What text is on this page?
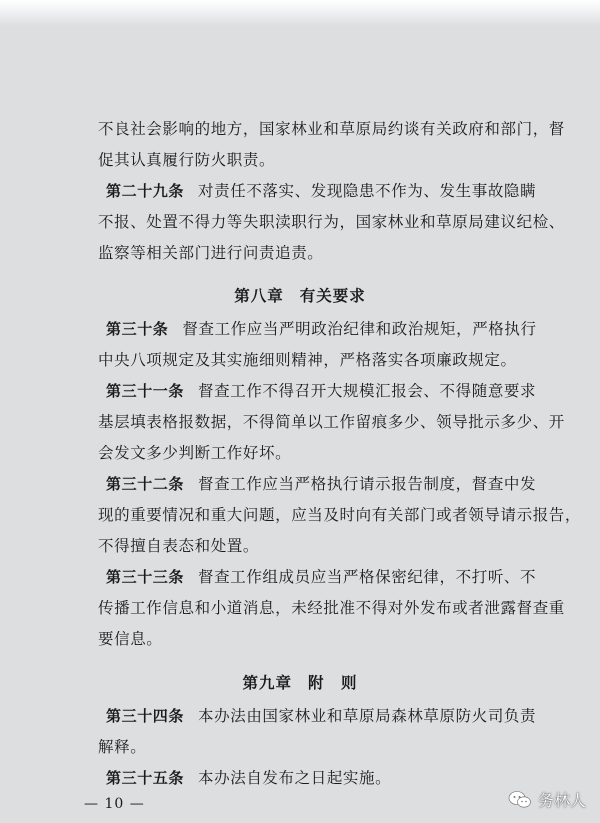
不良社会影响的地方，国家林业和草原局约谈有关政府和部门，督
促其认真履行防火职责。
第二十九条 对责任不落实、发现隐患不作为、发生事故隐瞒
不报、处置不得力等失职渎职行为，国家林业和草原局建议纪检、
监察等相关部门进行问责追责。
第八章 有关要求
第三十条 督查工作应当严明政治纪律和政治规矩，严格执行
中央八项规定及其实施细则精神，严格落实各项廉政规定。
第三十一条 督查工作不得召开大规模汇报会、不得随意要求
基层填表格报数据，不得简单以工作留痕多少、领导批示多少、开
会发文多少判断工作好坏。
第三十二条 督查工作应当严格执行请示报告制度，督查中发
现的重要情况和重大问题，应当及时向有关部门或者领导请示报告，
不得擅自表态和处置。
第三十三条 督查工作组成员应当严格保密纪律，不打听、不
传播工作信息和小道消息，未经批准不得对外发布或者泄露督查重
要信息。
第九章 附　则
第三十四条 本办法由国家林业和草原局森林草原防火司负责
解释。
第三十五条 本办法自发布之日起实施。
— 10 —	务林人
